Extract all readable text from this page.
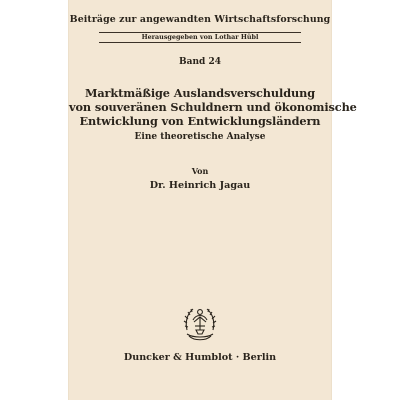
Beiträge zur angewandten Wirtschaftsforschung
Herausgegeben von Lothar Hübl
Band 24
Marktmäßige Auslandsverschuldung
von souveränen Schuldnern und ökonomische
Entwicklung von Entwicklungsländern
Eine theoretische Analyse
Von
Dr. Heinrich Jagau
Duncker & Humblot · Berlin
